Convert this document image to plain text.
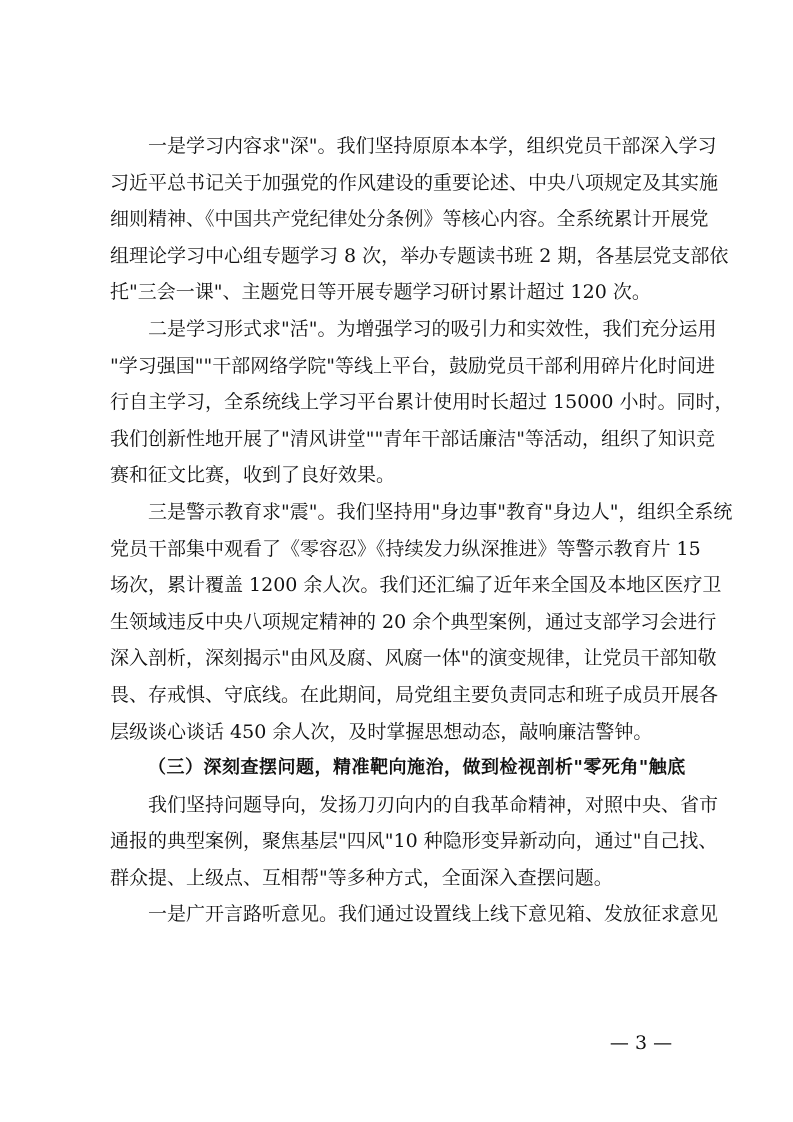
一是学习内容求"深"。我们坚持原原本本学，组织党员干部深入学习
习近平总书记关于加强党的作风建设的重要论述、中央八项规定及其实施
细则精神、《中国共产党纪律处分条例》等核心内容。全系统累计开展党
组理论学习中心组专题学习 8 次，举办专题读书班 2 期，各基层党支部依
托"三会一课"、主题党日等开展专题学习研讨累计超过 120 次。
二是学习形式求"活"。为增强学习的吸引力和实效性，我们充分运用
"学习强国""干部网络学院"等线上平台，鼓励党员干部利用碎片化时间进
行自主学习，全系统线上学习平台累计使用时长超过 15000 小时。同时，
我们创新性地开展了"清风讲堂""青年干部话廉洁"等活动，组织了知识竞
赛和征文比赛，收到了良好效果。
三是警示教育求"震"。我们坚持用"身边事"教育"身边人"，组织全系统
党员干部集中观看了《零容忍》《持续发力纵深推进》等警示教育片 15
场次，累计覆盖 1200 余人次。我们还汇编了近年来全国及本地区医疗卫
生领域违反中央八项规定精神的 20 余个典型案例，通过支部学习会进行
深入剖析，深刻揭示"由风及腐、风腐一体"的演变规律，让党员干部知敬
畏、存戒惧、守底线。在此期间，局党组主要负责同志和班子成员开展各
层级谈心谈话 450 余人次，及时掌握思想动态，敲响廉洁警钟。
（三）深刻查摆问题，精准靶向施治，做到检视剖析"零死角"触底
我们坚持问题导向，发扬刀刃向内的自我革命精神，对照中央、省市
通报的典型案例，聚焦基层"四风"10 种隐形变异新动向，通过"自己找、
群众提、上级点、互相帮"等多种方式，全面深入查摆问题。
一是广开言路听意见。我们通过设置线上线下意见箱、发放征求意见
— 3 —
